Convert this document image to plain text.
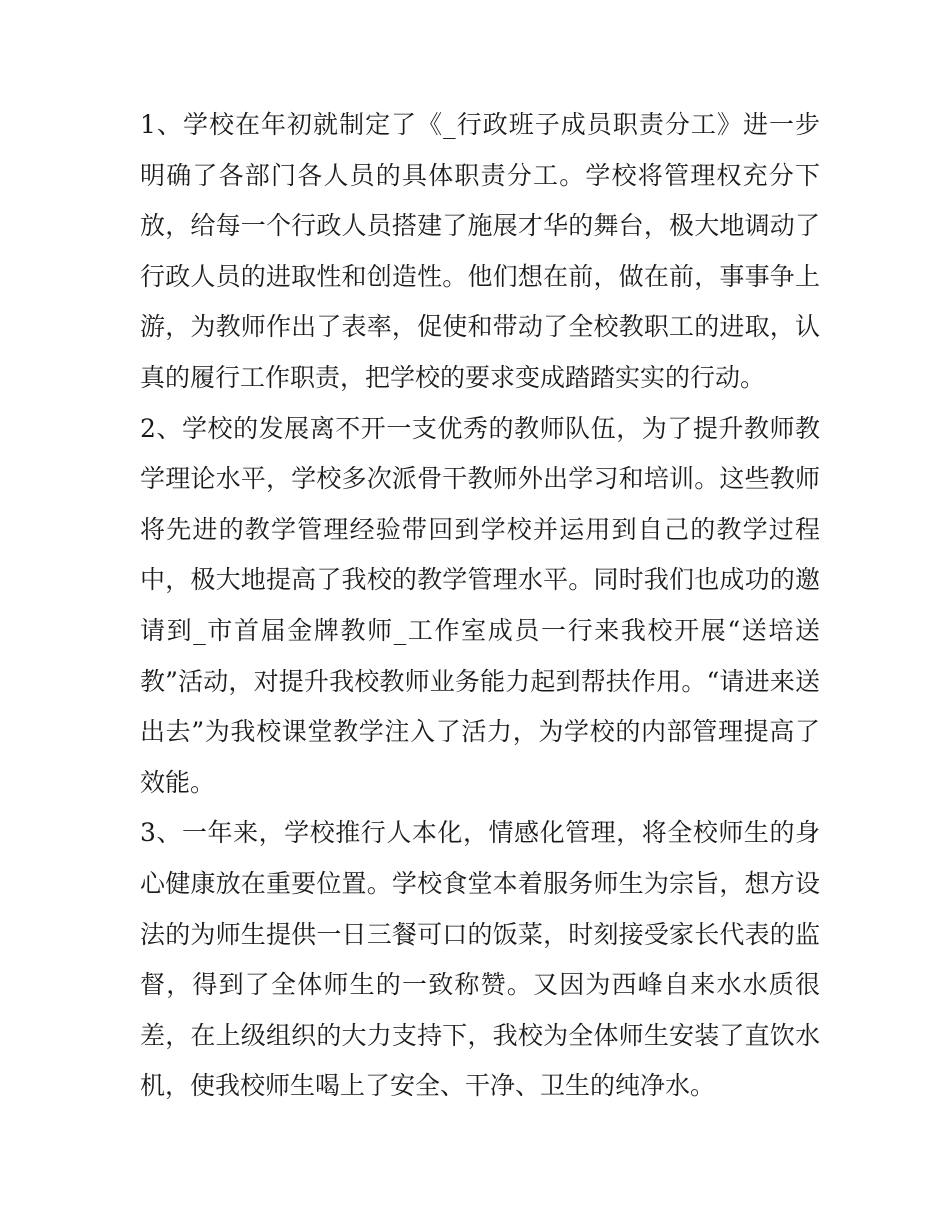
1、学校在年初就制定了《_行政班子成员职责分工》进一步
明确了各部门各人员的具体职责分工。学校将管理权充分下
放，给每一个行政人员搭建了施展才华的舞台，极大地调动了
行政人员的进取性和创造性。他们想在前，做在前，事事争上
游，为教师作出了表率，促使和带动了全校教职工的进取，认
真的履行工作职责，把学校的要求变成踏踏实实的行动。
2、学校的发展离不开一支优秀的教师队伍，为了提升教师教
学理论水平，学校多次派骨干教师外出学习和培训。这些教师
将先进的教学管理经验带回到学校并运用到自己的教学过程
中，极大地提高了我校的教学管理水平。同时我们也成功的邀
请到_市首届金牌教师_工作室成员一行来我校开展“送培送
教”活动，对提升我校教师业务能力起到帮扶作用。“请进来送
出去”为我校课堂教学注入了活力，为学校的内部管理提高了
效能。
3、一年来，学校推行人本化，情感化管理，将全校师生的身
心健康放在重要位置。学校食堂本着服务师生为宗旨，想方设
法的为师生提供一日三餐可口的饭菜，时刻接受家长代表的监
督，得到了全体师生的一致称赞。又因为西峰自来水水质很
差，在上级组织的大力支持下，我校为全体师生安装了直饮水
机，使我校师生喝上了安全、干净、卫生的纯净水。
